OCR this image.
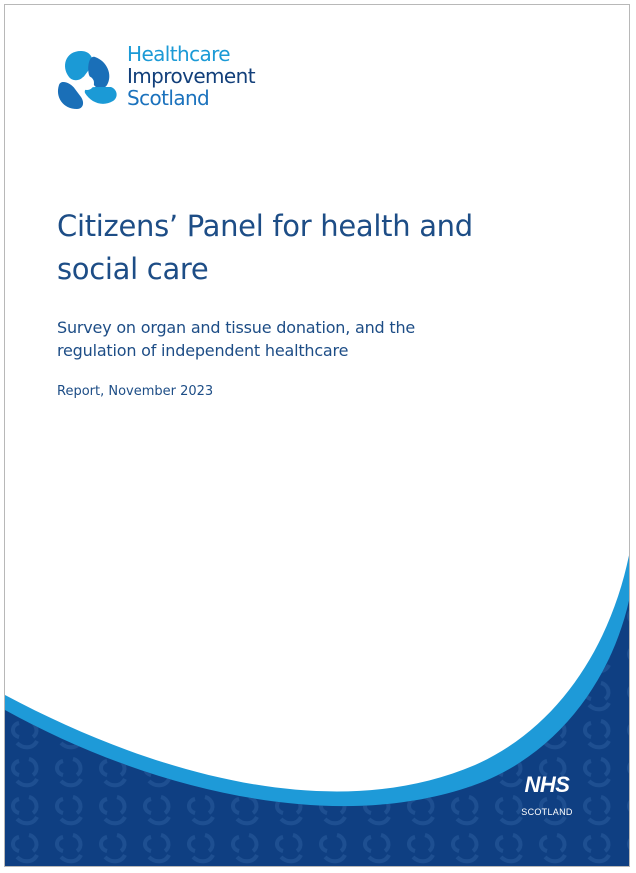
Healthcare
Improvement
Scotland
Citizens’ Panel for health and
social care
Survey on organ and tissue donation, and the
regulation of independent healthcare
Report, November 2023
NHS
SCOTLAND
